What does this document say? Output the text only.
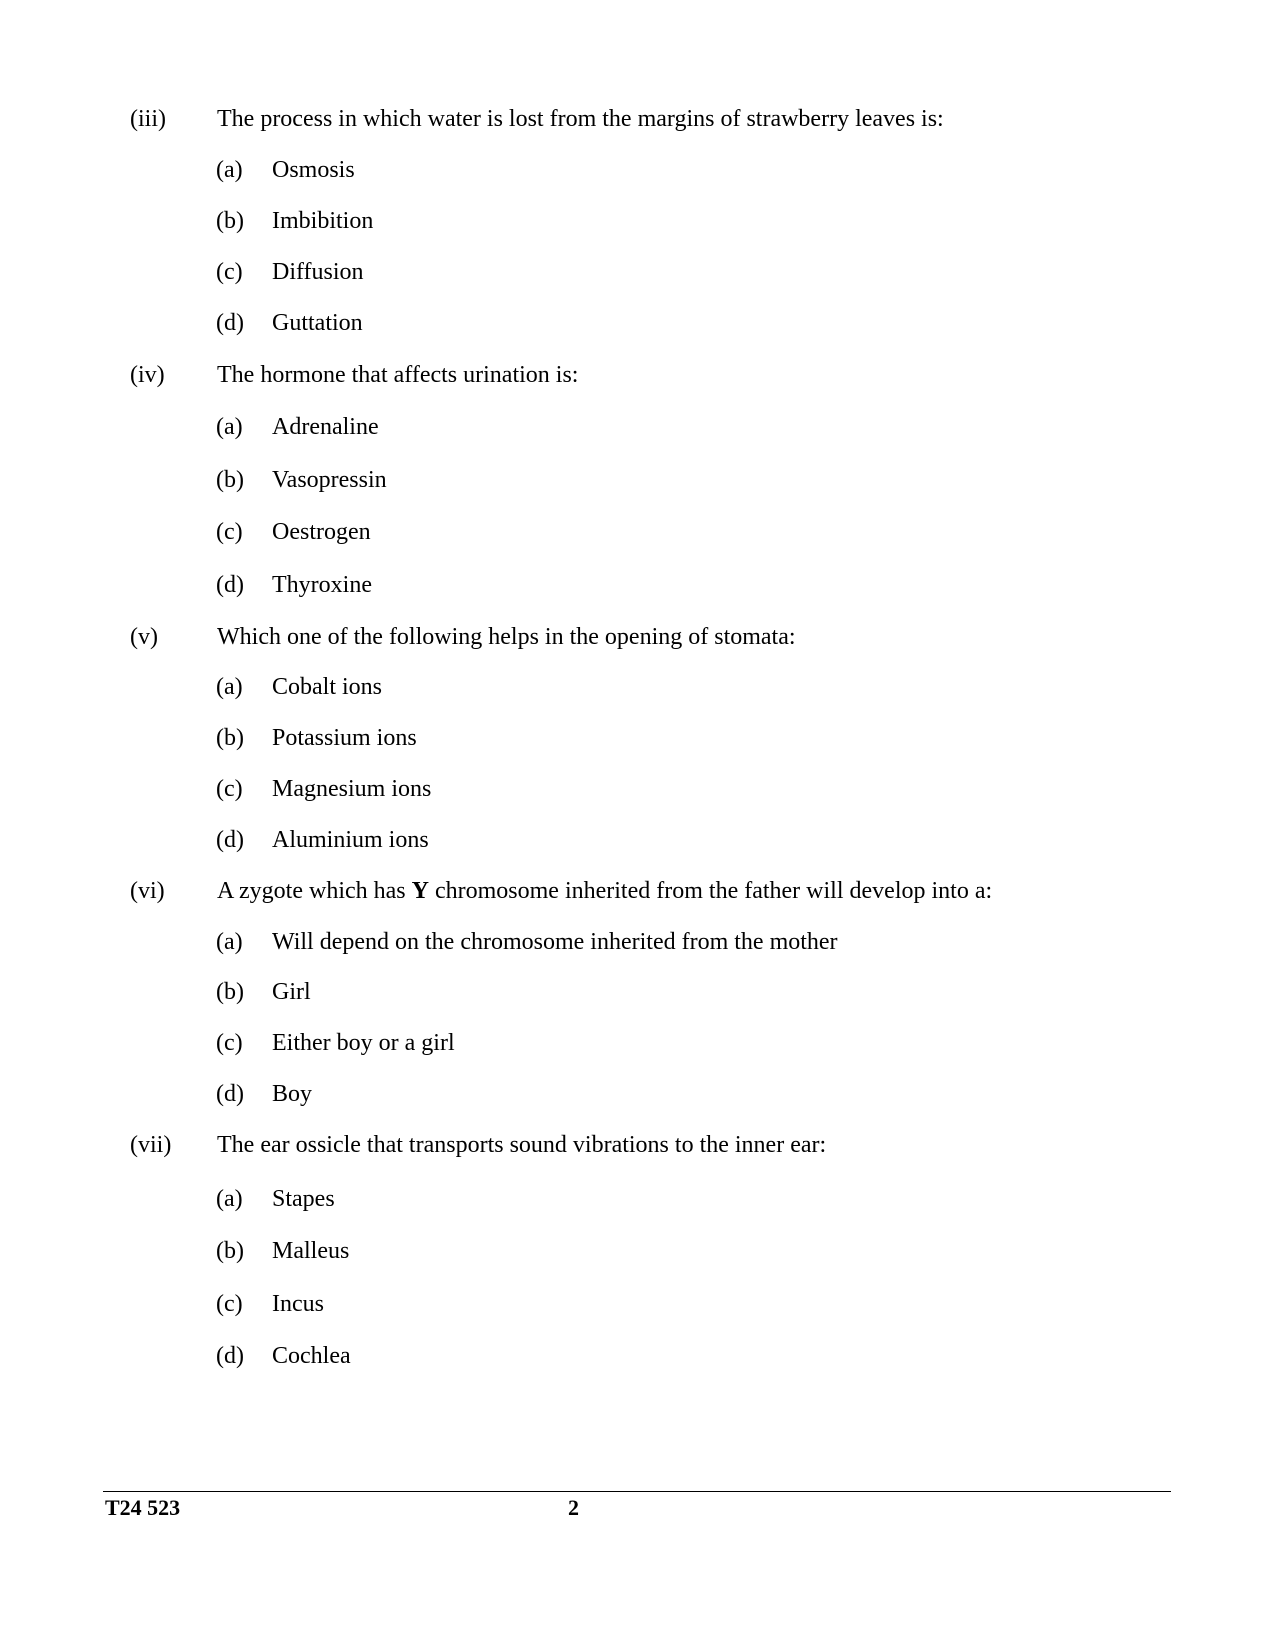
(iii) The process in which water is lost from the margins of strawberry leaves is:
(a) Osmosis
(b) Imbibition
(c) Diffusion
(d) Guttation
(iv) The hormone that affects urination is:
(a) Adrenaline
(b) Vasopressin
(c) Oestrogen
(d) Thyroxine
(v) Which one of the following helps in the opening of stomata:
(a) Cobalt ions
(b) Potassium ions
(c) Magnesium ions
(d) Aluminium ions
(vi) A zygote which has Y chromosome inherited from the father will develop into a:
(a) Will depend on the chromosome inherited from the mother
(b) Girl
(c) Either boy or a girl
(d) Boy
(vii) The ear ossicle that transports sound vibrations to the inner ear:
(a) Stapes
(b) Malleus
(c) Incus
(d) Cochlea
T24 523	2
